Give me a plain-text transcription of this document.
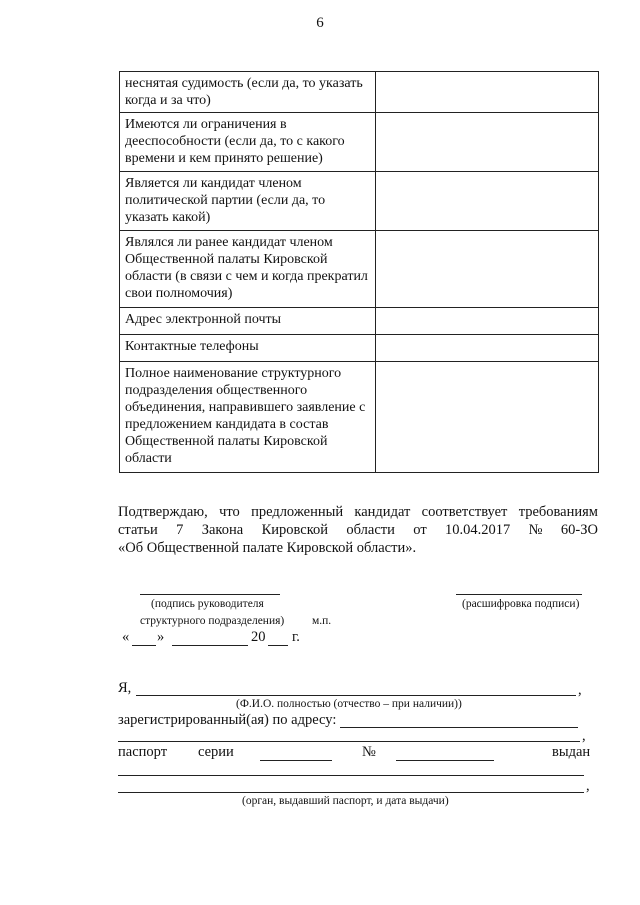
6
неснятая судимость (если да, то указать когда и за что)	
Имеются ли ограничения в дееспособности (если да, то с какого времени и кем принято решение)	
Является ли кандидат членом политической партии (если да, то указать какой)	
Являлся ли ранее кандидат членом Общественной палаты Кировской области (в связи с чем и когда прекратил свои полномочия)	
Адрес электронной почты	
Контактные телефоны	
Полное наименование структурного подразделения общественного объединения, направившего заявление с предложением кандидата в состав Общественной палаты Кировской области	
Подтверждаю, что предложенный кандидат соответствует требованиям
статьи 7 Закона Кировской области от 10.04.2017 № 60-ЗО
«Об Общественной палате Кировской области».
(подпись руководителя	(расшифровка подписи)
структурного подразделения) м.п.
« »	20 г.
Я,	,
(Ф.И.О. полностью (отчество – при наличии))
зарегистрированный(ая) по адресу:
,
паспорт серии	№	выдан
,
(орган, выдавший паспорт, и дата выдачи)
